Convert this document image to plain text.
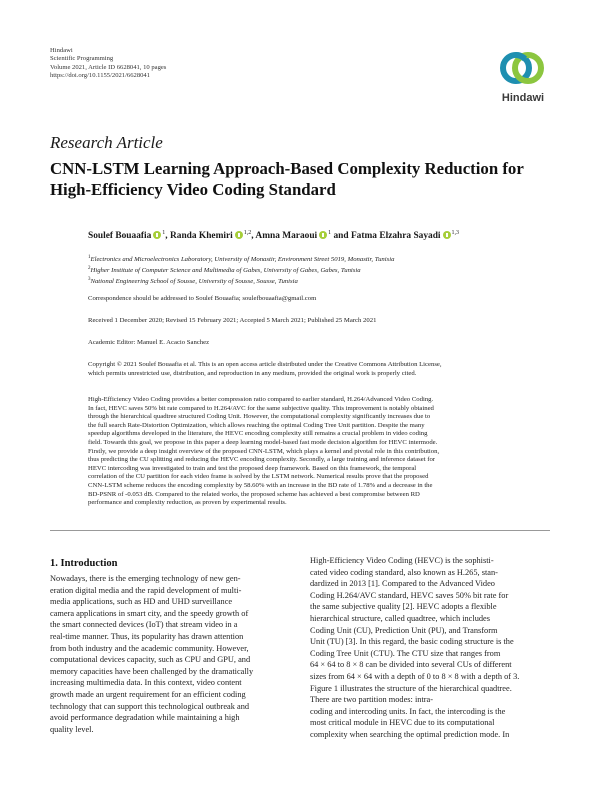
Hindawi
Scientific Programming
Volume 2021, Article ID 6628041, 10 pages
https://doi.org/10.1155/2021/6628041
Hindawi
Research Article
CNN-LSTM Learning Approach-Based Complexity Reduction for
High-Efficiency Video Coding Standard
Soulef Bouaafia $^1$, Randa Khemiri $^{1,2}$, Amna Maraoui $^1$ and Fatma Elzahra Sayadi $^{1,3}$
$^1$Electronics and Microelectronics Laboratory, University of Monastir, Environment Street 5019, Monastir, Tunisia
$^2$Higher Institute of Computer Science and Multimedia of Gabes, University of Gabes, Gabes, Tunisia
$^3$National Engineering School of Sousse, University of Sousse, Sousse, Tunisia
Correspondence should be addressed to Soulef Bouaafia; soulefbouaafia@gmail.com
Received 1 December 2020; Revised 15 February 2021; Accepted 5 March 2021; Published 25 March 2021
Academic Editor: Manuel E. Acacio Sanchez
Copyright © 2021 Soulef Bouaafia et al. This is an open access article distributed under the Creative Commons Attribution License,
which permits unrestricted use, distribution, and reproduction in any medium, provided the original work is properly cited.
High-Efficiency Video Coding provides a better compression ratio compared to earlier standard, H.264/Advanced Video Coding.
In fact, HEVC saves 50% bit rate compared to H.264/AVC for the same subjective quality. This improvement is notably obtained
through the hierarchical quadtree structured Coding Unit. However, the computational complexity significantly increases due to
the full search Rate-Distortion Optimization, which allows reaching the optimal Coding Tree Unit partition. Despite the many
speedup algorithms developed in the literature, the HEVC encoding complexity still remains a crucial problem in video coding
field. Towards this goal, we propose in this paper a deep learning model-based fast mode decision algorithm for HEVC intermode.
Firstly, we provide a deep insight overview of the proposed CNN-LSTM, which plays a kernel and pivotal role in this contribution,
thus predicting the CU splitting and reducing the HEVC encoding complexity. Secondly, a large training and inference dataset for
HEVC intercoding was investigated to train and test the proposed deep framework. Based on this framework, the temporal
correlation of the CU partition for each video frame is solved by the LSTM network. Numerical results prove that the proposed
CNN-LSTM scheme reduces the encoding complexity by 58.60% with an increase in the BD rate of 1.78% and a decrease in the
BD-PSNR of -0.053 dB. Compared to the related works, the proposed scheme has achieved a best compromise between RD
performance and complexity reduction, as proven by experimental results.
1. Introduction
Nowadays, there is the emerging technology of new gen-
eration digital media and the rapid development of multi-
media applications, such as HD and UHD surveillance
camera applications in smart city, and the speedy growth of
the smart connected devices (IoT) that stream video in a
real-time manner. Thus, its popularity has drawn attention
from both industry and the academic community. However,
computational devices capacity, such as CPU and GPU, and
memory capacities have been challenged by the dramatically
increasing multimedia data. In this context, video content
growth made an urgent requirement for an efficient coding
technology that can support this technological outbreak and
avoid performance degradation while maintaining a high
quality level.
High-Efficiency Video Coding (HEVC) is the sophisti-
cated video coding standard, also known as H.265, stan-
dardized in 2013 [1]. Compared to the Advanced Video
Coding H.264/AVC standard, HEVC saves 50% bit rate for
the same subjective quality [2]. HEVC adopts a flexible
hierarchical structure, called quadtree, which includes
Coding Unit (CU), Prediction Unit (PU), and Transform
Unit (TU) [3]. In this regard, the basic coding structure is the
Coding Tree Unit (CTU). The CTU size that ranges from
64 × 64 to 8 × 8 can be divided into several CUs of different
sizes from 64 × 64 with a depth of 0 to 8 × 8 with a depth of 3.
Figure 1 illustrates the structure of the hierarchical quadtree.
There are two partition modes: intra-
coding and intercoding units. In fact, the intercoding is the
most critical module in HEVC due to its computational
complexity when searching the optimal prediction mode. In
